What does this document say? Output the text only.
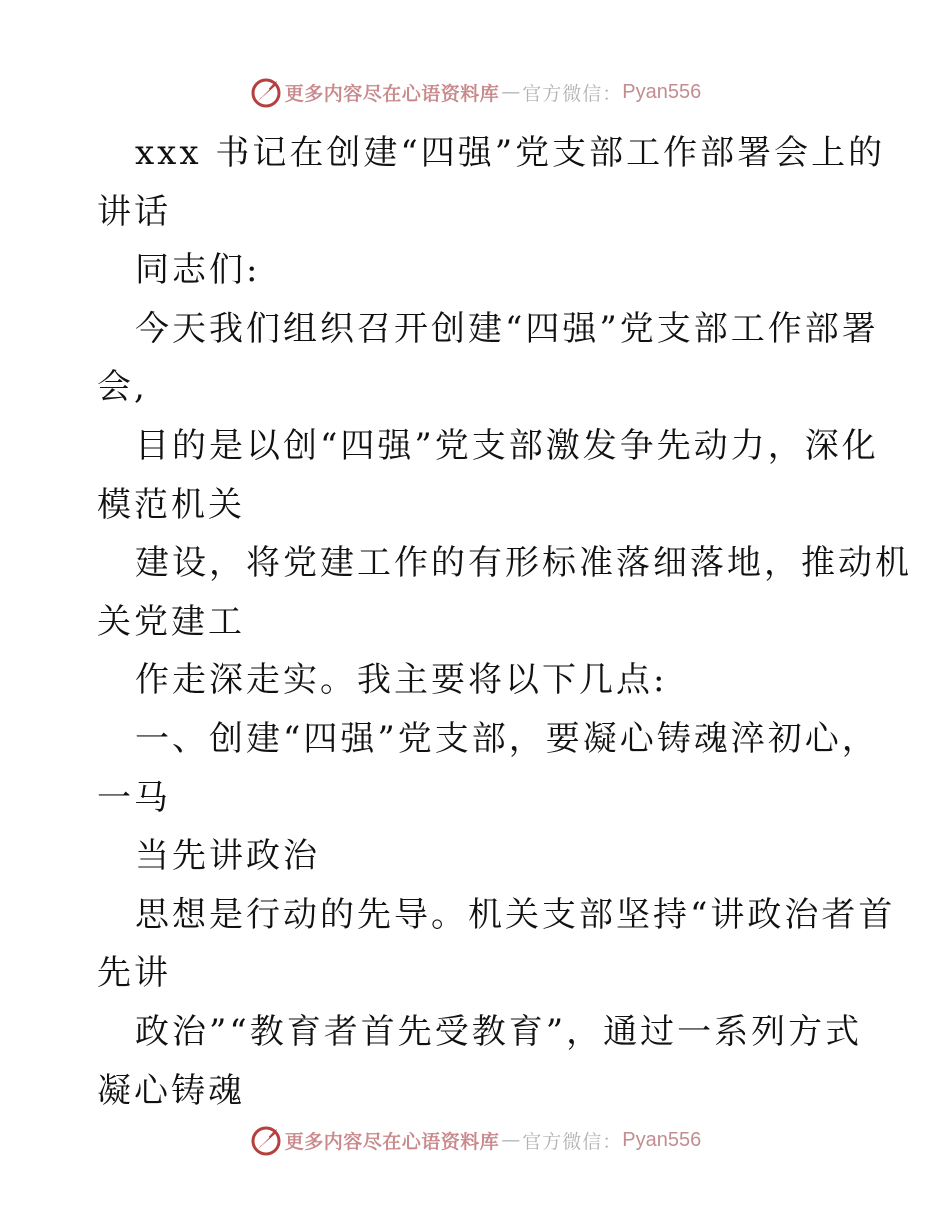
更多内容尽在心语资料库 — 官方微信： Pyan556
xxx 书记在创建“四强”党支部工作部署会上的
讲话
同志们:
今天我们组织召开创建“四强”党支部工作部署
会,
目的是以创“四强”党支部激发争先动力，深化
模范机关
建设，将党建工作的有形标准落细落地，推动机
关党建工
作走深走实。我主要将以下几点:
一、创建“四强”党支部，要凝心铸魂淬初心，
一马
当先讲政治
思想是行动的先导。机关支部坚持“讲政治者首
先讲
政治”“教育者首先受教育”，通过一系列方式
凝心铸魂
更多内容尽在心语资料库 — 官方微信： Pyan556
